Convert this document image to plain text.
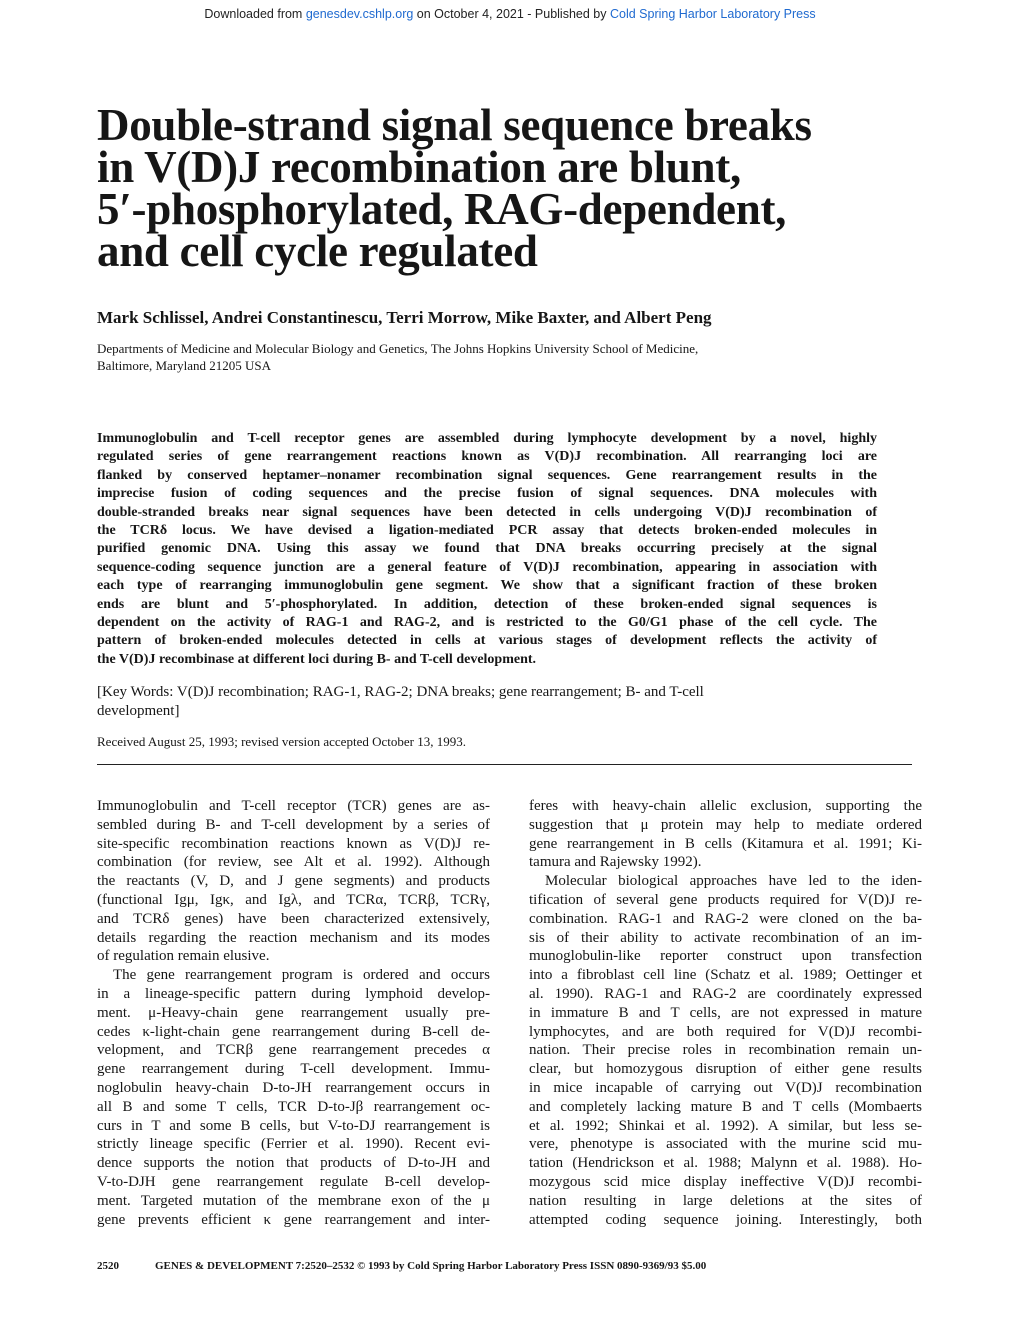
Downloaded from genesdev.cshlp.org on October 4, 2021 - Published by Cold Spring Harbor Laboratory Press
Double-strand signal sequence breaks
in V(D)J recombination are blunt,
5′-phosphorylated, RAG-dependent,
and cell cycle regulated
Mark Schlissel, Andrei Constantinescu, Terri Morrow, Mike Baxter, and Albert Peng
Departments of Medicine and Molecular Biology and Genetics, The Johns Hopkins University School of Medicine,
Baltimore, Maryland 21205 USA
Immunoglobulin and T-cell receptor genes are assembled during lymphocyte development by a novel, highly
regulated series of gene rearrangement reactions known as V(D)J recombination. All rearranging loci are
flanked by conserved heptamer–nonamer recombination signal sequences. Gene rearrangement results in the
imprecise fusion of coding sequences and the precise fusion of signal sequences. DNA molecules with
double-stranded breaks near signal sequences have been detected in cells undergoing V(D)J recombination of
the TCRδ locus. We have devised a ligation-mediated PCR assay that detects broken-ended molecules in
purified genomic DNA. Using this assay we found that DNA breaks occurring precisely at the signal
sequence-coding sequence junction are a general feature of V(D)J recombination, appearing in association with
each type of rearranging immunoglobulin gene segment. We show that a significant fraction of these broken
ends are blunt and 5′-phosphorylated. In addition, detection of these broken-ended signal sequences is
dependent on the activity of RAG-1 and RAG-2, and is restricted to the G0/G1 phase of the cell cycle. The
pattern of broken-ended molecules detected in cells at various stages of development reflects the activity of
the V(D)J recombinase at different loci during B- and T-cell development.
[Key Words: V(D)J recombination; RAG-1, RAG-2; DNA breaks; gene rearrangement; B- and T-cell
development]
Received August 25, 1993; revised version accepted October 13, 1993.
Immunoglobulin and T-cell receptor (TCR) genes are as-
sembled during B- and T-cell development by a series of
site-specific recombination reactions known as V(D)J re-
combination (for review, see Alt et al. 1992). Although
the reactants (V, D, and J gene segments) and products
(functional Igμ, Igκ, and Igλ, and TCRα, TCRβ, TCRγ,
and TCRδ genes) have been characterized extensively,
details regarding the reaction mechanism and its modes
of regulation remain elusive.
The gene rearrangement program is ordered and occurs
in a lineage-specific pattern during lymphoid develop-
ment. μ-Heavy-chain gene rearrangement usually pre-
cedes κ-light-chain gene rearrangement during B-cell de-
velopment, and TCRβ gene rearrangement precedes α
gene rearrangement during T-cell development. Immu-
noglobulin heavy-chain D-to-JH rearrangement occurs in
all B and some T cells, TCR D-to-Jβ rearrangement oc-
curs in T and some B cells, but V-to-DJ rearrangement is
strictly lineage specific (Ferrier et al. 1990). Recent evi-
dence supports the notion that products of D-to-JH and
V-to-DJH gene rearrangement regulate B-cell develop-
ment. Targeted mutation of the membrane exon of the μ
gene prevents efficient κ gene rearrangement and inter-
feres with heavy-chain allelic exclusion, supporting the
suggestion that μ protein may help to mediate ordered
gene rearrangement in B cells (Kitamura et al. 1991; Ki-
tamura and Rajewsky 1992).
Molecular biological approaches have led to the iden-
tification of several gene products required for V(D)J re-
combination. RAG-1 and RAG-2 were cloned on the ba-
sis of their ability to activate recombination of an im-
munoglobulin-like reporter construct upon transfection
into a fibroblast cell line (Schatz et al. 1989; Oettinger et
al. 1990). RAG-1 and RAG-2 are coordinately expressed
in immature B and T cells, are not expressed in mature
lymphocytes, and are both required for V(D)J recombi-
nation. Their precise roles in recombination remain un-
clear, but homozygous disruption of either gene results
in mice incapable of carrying out V(D)J recombination
and completely lacking mature B and T cells (Mombaerts
et al. 1992; Shinkai et al. 1992). A similar, but less se-
vere, phenotype is associated with the murine scid mu-
tation (Hendrickson et al. 1988; Malynn et al. 1988). Ho-
mozygous scid mice display ineffective V(D)J recombi-
nation resulting in large deletions at the sites of
attempted coding sequence joining. Interestingly, both
2520	GENES & DEVELOPMENT 7:2520–2532 © 1993 by Cold Spring Harbor Laboratory Press ISSN 0890-9369/93 $5.00
